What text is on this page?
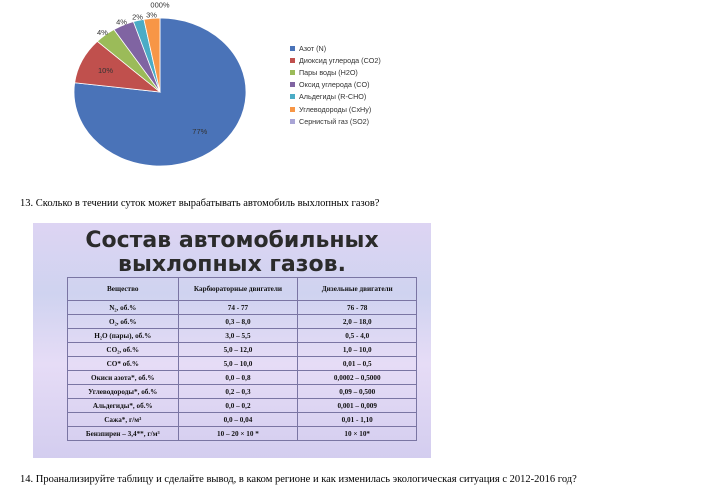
77%
10%
4%
4%
2% 3%
000%
Азот (N)
Диоксид углерода (CO2)
Пары воды (H2O)
Оксид углерода (CO)
Альдегиды (R-CHO)
Углеводороды (CxHy)
Сернистый газ (SO2)
13. Сколько в течении суток может вырабатывать автомобиль выхлопных газов?
Состав автомобильных
выхлопных газов.
Вещество	Карбюраторные двигатели	Дизельные двигатели
N₂, об.%	74 - 77	76 - 78
O₂, об.%	0,3 – 8,0	2,0 – 18,0
H₂O (пары), об.%	3,0 – 5,5	0,5 - 4,0
CO₂, об.%	5,0 – 12,0	1,0 – 10,0
CO* об.%	5,0 – 10,0	0,01 – 0,5
Окиси азота*, об.%	0,0 – 0,8	0,0002 – 0,5000
Углеводороды*, об.%	0,2 – 0,3	0,09 – 0,500
Альдегиды*, об.%	0,0 – 0,2	0,001 – 0,009
Сажа*, г/м³	0,0 – 0,04	0,01 - 1,10
Бензпирен – 3,4**, г/м³	10 – 20 × 10 *	10 × 10*
14. Проанализируйте таблицу и сделайте вывод, в каком регионе и как изменилась экологическая ситуация с 2012-2016 год?
